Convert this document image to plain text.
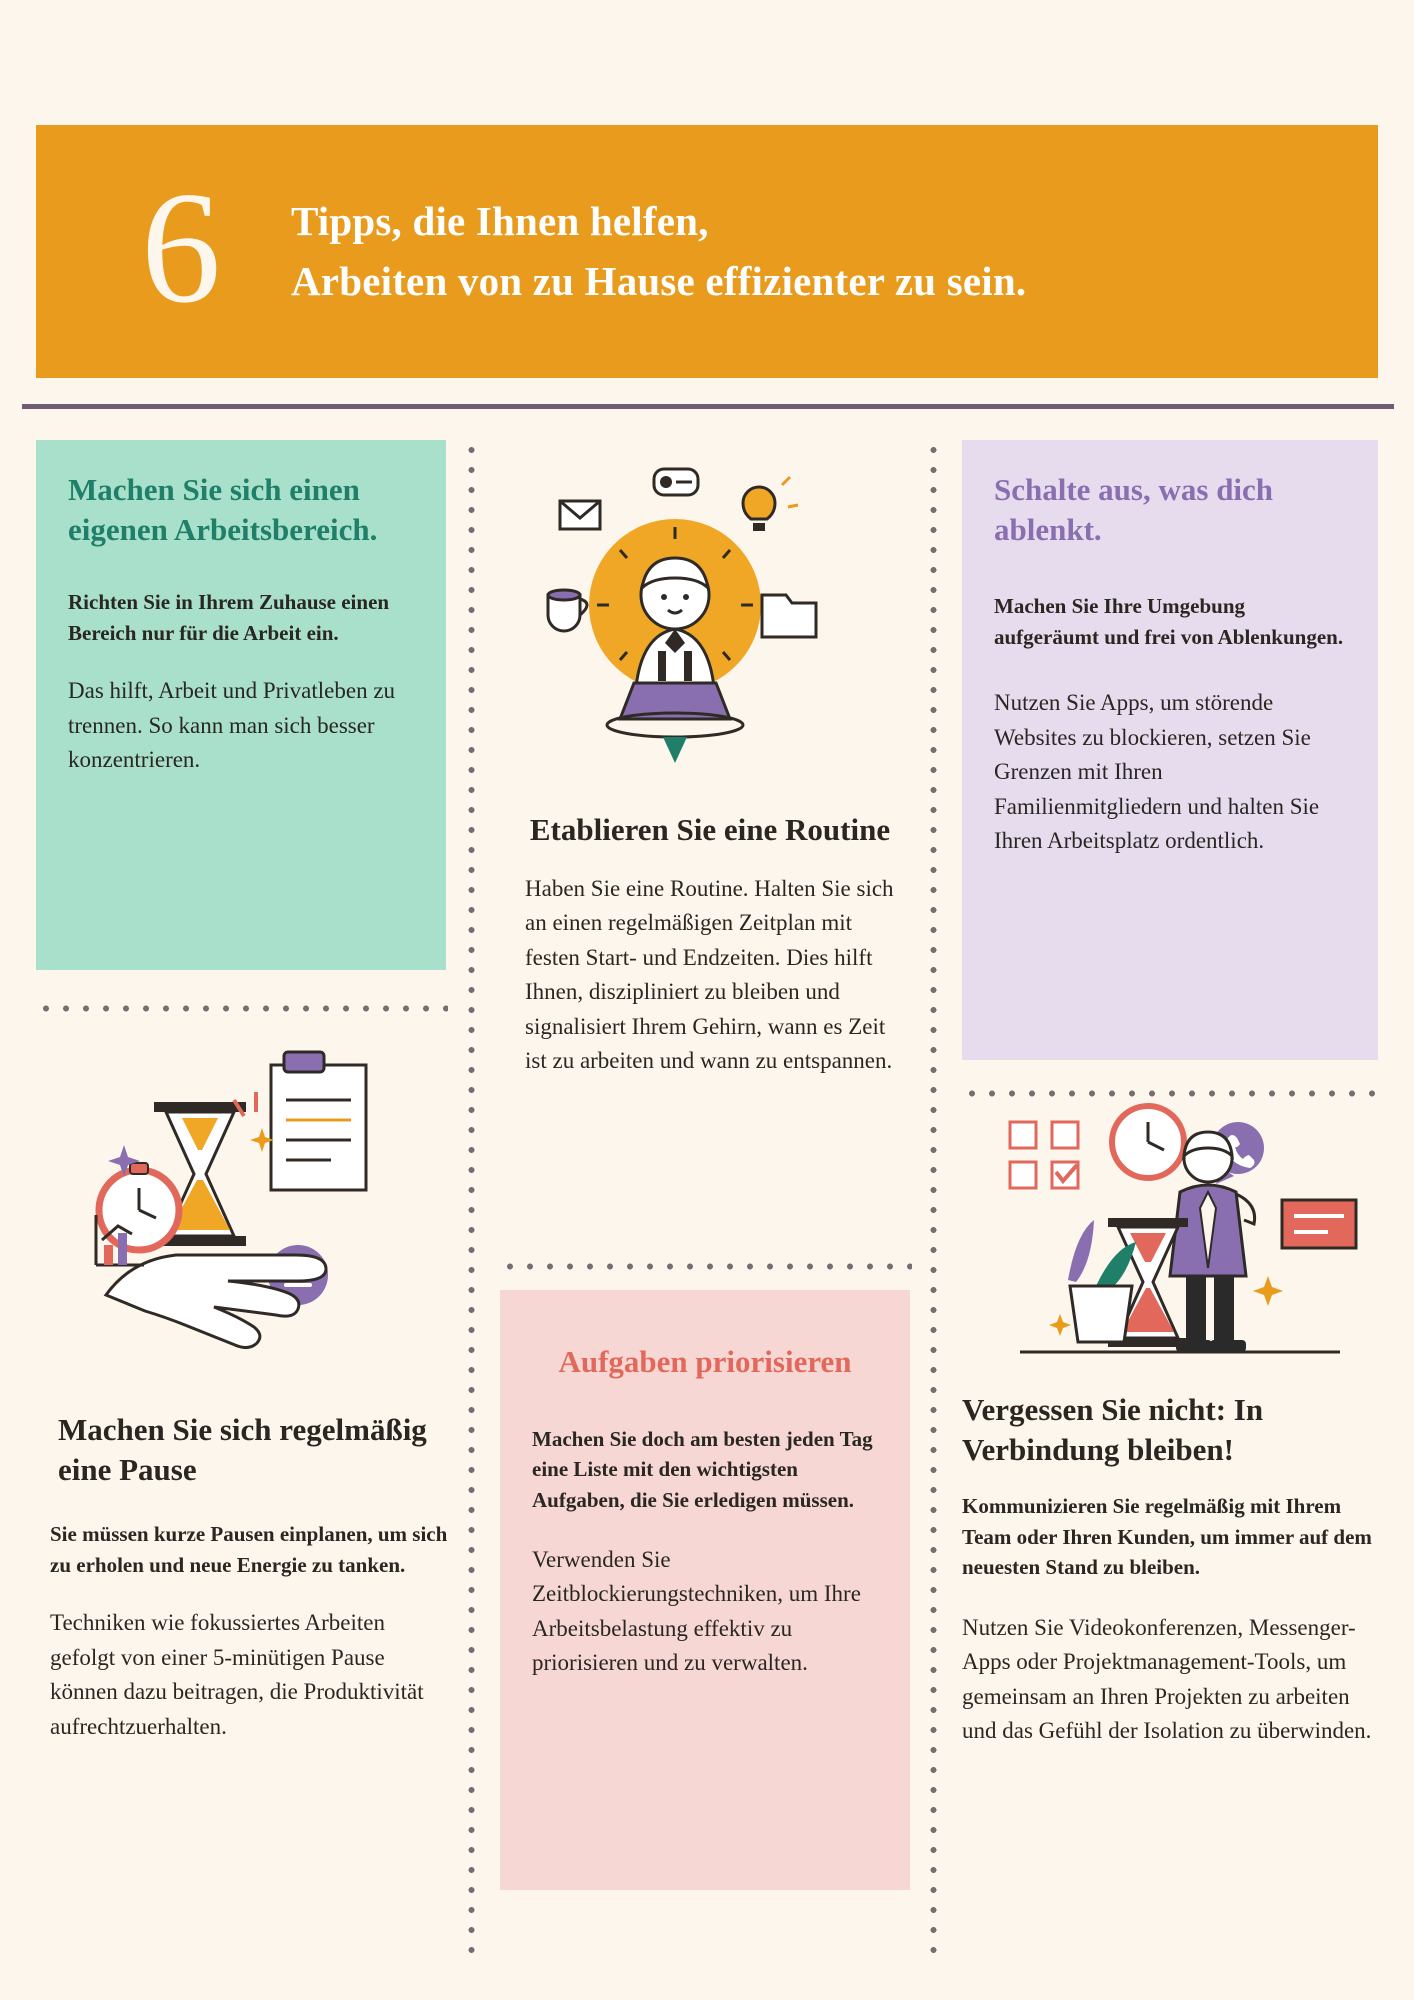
6 Tipps, die Ihnen helfen,
Arbeiten von zu Hause effizienter zu sein.
Machen Sie sich einen eigenen Arbeitsbereich.
Richten Sie in Ihrem Zuhause einen Bereich nur für die Arbeit ein.
Das hilft, Arbeit und Privatleben zu trennen. So kann man sich besser konzentrieren.
Machen Sie sich regelmäßig eine Pause
Sie müssen kurze Pausen einplanen, um sich zu erholen und neue Energie zu tanken.
Techniken wie fokussiertes Arbeiten gefolgt von einer 5-minütigen Pause können dazu beitragen, die Produktivität aufrechtzuerhalten.
Etablieren Sie eine Routine
Haben Sie eine Routine. Halten Sie sich an einen regelmäßigen Zeitplan mit festen Start- und Endzeiten. Dies hilft Ihnen, diszipliniert zu bleiben und signalisiert Ihrem Gehirn, wann es Zeit ist zu arbeiten und wann zu entspannen.
Aufgaben priorisieren
Machen Sie doch am besten jeden Tag eine Liste mit den wichtigsten Aufgaben, die Sie erledigen müssen.
Verwenden Sie Zeitblockierungstechniken, um Ihre Arbeitsbelastung effektiv zu priorisieren und zu verwalten.
Schalte aus, was dich ablenkt.
Machen Sie Ihre Umgebung aufgeräumt und frei von Ablenkungen.
Nutzen Sie Apps, um störende Websites zu blockieren, setzen Sie Grenzen mit Ihren Familienmitgliedern und halten Sie Ihren Arbeitsplatz ordentlich.
Vergessen Sie nicht: In Verbindung bleiben!
Kommunizieren Sie regelmäßig mit Ihrem Team oder Ihren Kunden, um immer auf dem neuesten Stand zu bleiben.
Nutzen Sie Videokonferenzen, Messenger-Apps oder Projektmanagement-Tools, um gemeinsam an Ihren Projekten zu arbeiten und das Gefühl der Isolation zu überwinden.
